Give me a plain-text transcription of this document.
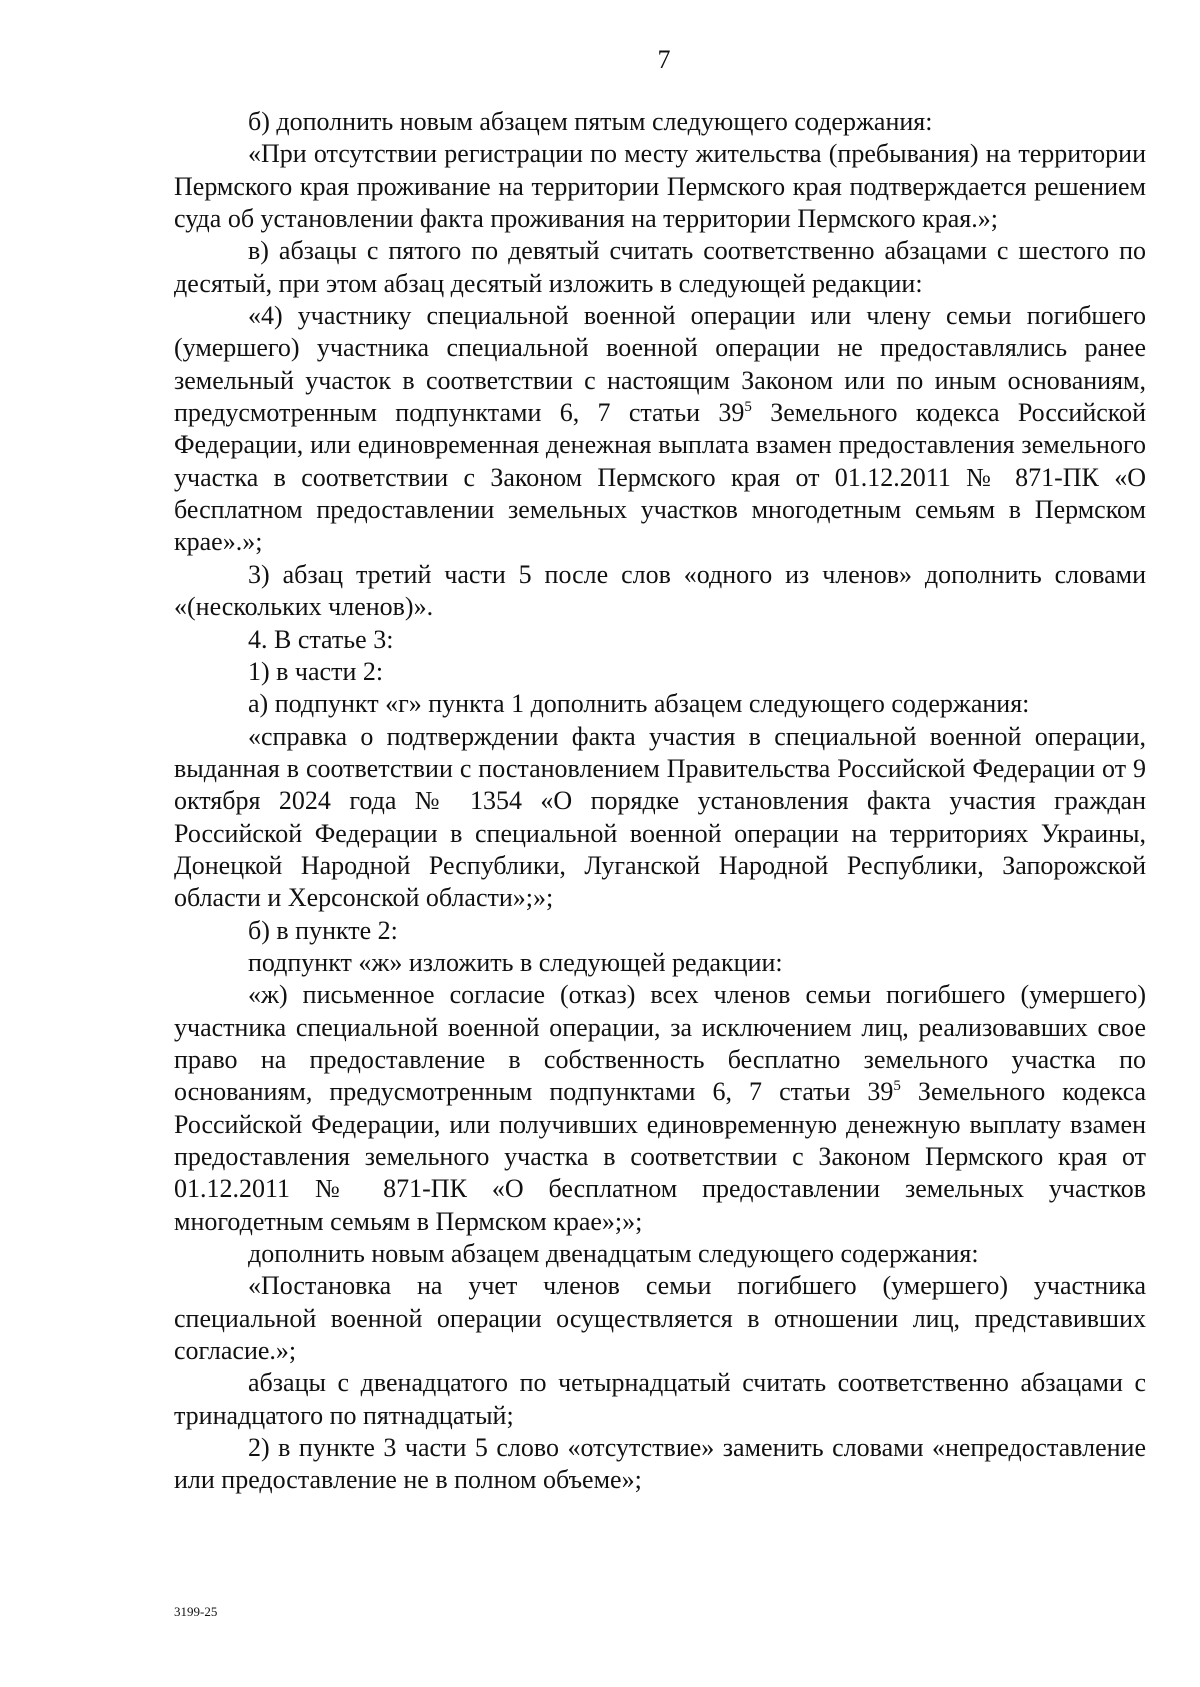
7

б) дополнить новым абзацем пятым следующего содержания:

«При отсутствии регистрации по месту жительства (пребывания) на территории Пермского края проживание на территории Пермского края подтверждается решением суда об установлении факта проживания на территории Пермского края.»;

в) абзацы с пятого по девятый считать соответственно абзацами с шестого по десятый, при этом абзац десятый изложить в следующей редакции:

«4) участнику специальной военной операции или члену семьи погибшего (умершего) участника специальной военной операции не предоставлялись ранее земельный участок в соответствии с настоящим Законом или по иным основаниям, предусмотренным подпунктами 6, 7 статьи $39^5$ Земельного кодекса Российской Федерации, или единовременная денежная выплата взамен предоставления земельного участка в соответствии с Законом Пермского края от 01.12.2011 № 871-ПК «О бесплатном предоставлении земельных участков многодетным семьям в Пермском крае».»;

3) абзац третий части 5 после слов «одного из членов» дополнить словами «(нескольких членов)».

4. В статье 3:

1) в части 2:

а) подпункт «г» пункта 1 дополнить абзацем следующего содержания:

«справка о подтверждении факта участия в специальной военной операции, выданная в соответствии с постановлением Правительства Российской Федерации от 9 октября 2024 года № 1354 «О порядке установления факта участия граждан Российской Федерации в специальной военной операции на территориях Украины, Донецкой Народной Республики, Луганской Народной Республики, Запорожской области и Херсонской области»;»;

б) в пункте 2:

подпункт «ж» изложить в следующей редакции:

«ж) письменное согласие (отказ) всех членов семьи погибшего (умершего) участника специальной военной операции, за исключением лиц, реализовавших свое право на предоставление в собственность бесплатно земельного участка по основаниям, предусмотренным подпунктами 6, 7 статьи $39^5$ Земельного кодекса Российской Федерации, или получивших единовременную денежную выплату взамен предоставления земельного участка в соответствии с Законом Пермского края от 01.12.2011 № 871-ПК «О бесплатном предоставлении земельных участков многодетным семьям в Пермском крае»;»;

дополнить новым абзацем двенадцатым следующего содержания:

«Постановка на учет членов семьи погибшего (умершего) участника специальной военной операции осуществляется в отношении лиц, представивших согласие.»;

абзацы с двенадцатого по четырнадцатый считать соответственно абзацами с тринадцатого по пятнадцатый;

2) в пункте 3 части 5 слово «отсутствие» заменить словами «непредоставление или предоставление не в полном объеме»;

3199-25
